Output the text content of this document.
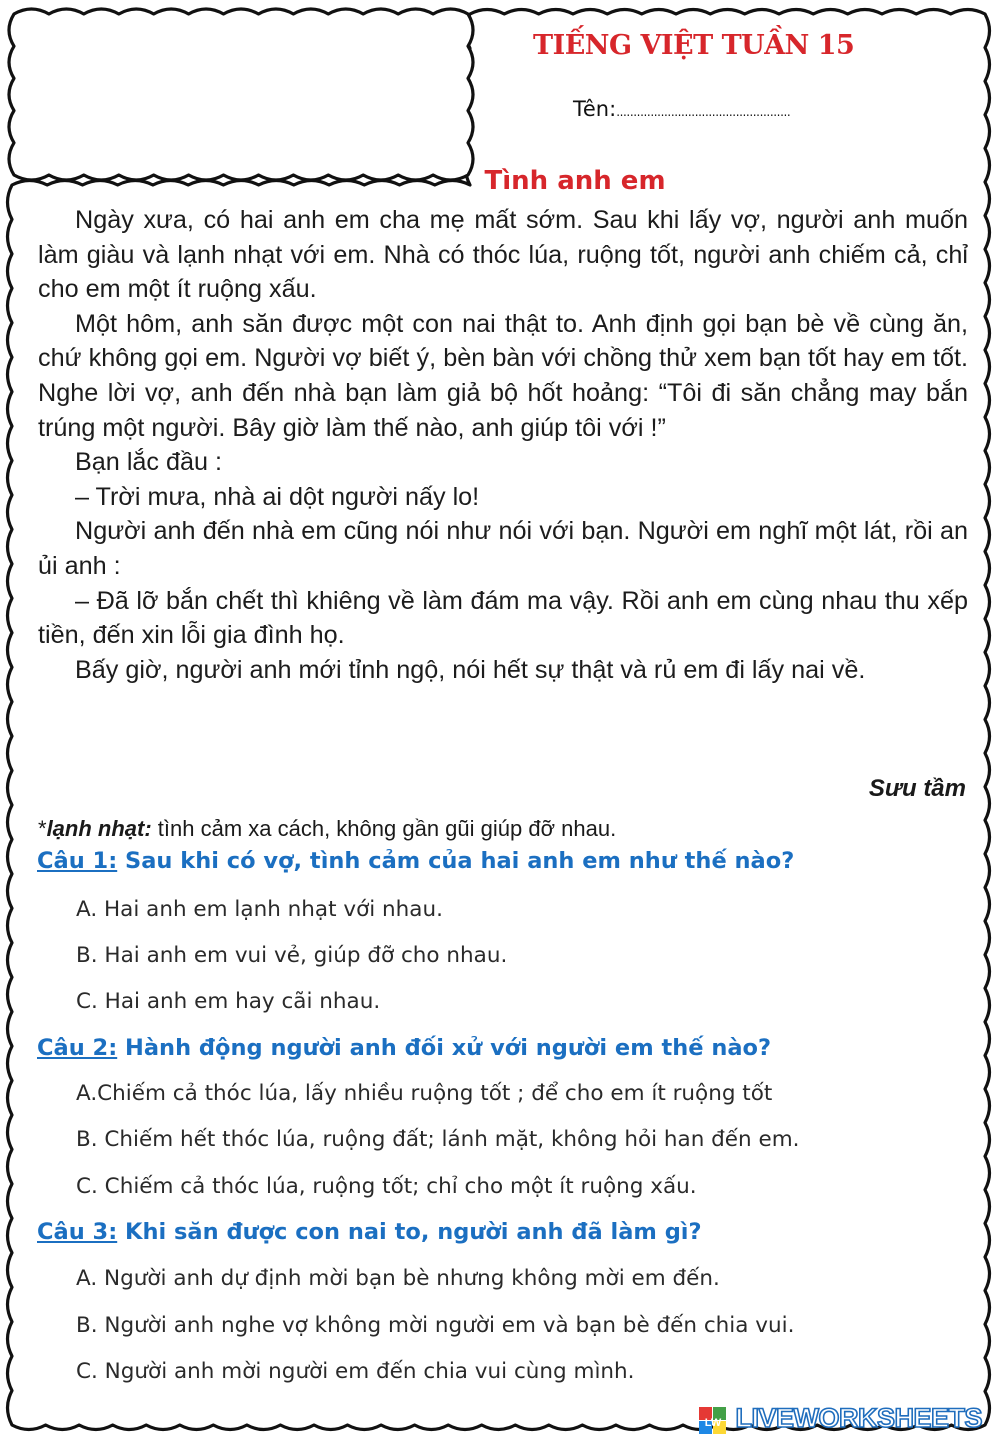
TIẾNG VIỆT TUẦN 15
Tên:...................................................
Tình anh em

Ngày xưa, có hai anh em cha mẹ mất sớm. Sau khi lấy vợ, người anh muốn làm giàu và lạnh nhạt với em. Nhà có thóc lúa, ruộng tốt, người anh chiếm cả, chỉ cho em một ít ruộng xấu.

Một hôm, anh săn được một con nai thật to. Anh định gọi bạn bè về cùng ăn, chứ không gọi em. Người vợ biết ý, bèn bàn với chồng thử xem bạn tốt hay em tốt. Nghe lời vợ, anh đến nhà bạn làm giả bộ hốt hoảng: “Tôi đi săn chẳng may bắn trúng một người. Bây giờ làm thế nào, anh giúp tôi với !”

Bạn lắc đầu :

– Trời mưa, nhà ai dột người nấy lo!

Người anh đến nhà em cũng nói như nói với bạn. Người em nghĩ một lát, rồi an ủi anh :

– Đã lỡ bắn chết thì khiêng về làm đám ma vậy. Rồi anh em cùng nhau thu xếp tiền, đến xin lỗi gia đình họ.

Bấy giờ, người anh mới tỉnh ngộ, nói hết sự thật và rủ em đi lấy nai về.

Sưu tầm
*lạnh nhạt: tình cảm xa cách, không gần gũi giúp đỡ nhau.
Câu 1: Sau khi có vợ, tình cảm của hai anh em như thế nào?
A. Hai anh em lạnh nhạt với nhau.
B. Hai anh em vui vẻ, giúp đỡ cho nhau.
C. Hai anh em hay cãi nhau.
Câu 2: Hành động người anh đối xử với người em thế nào?
A.Chiếm cả thóc lúa, lấy nhiều ruộng tốt ; để cho em ít ruộng tốt
B. Chiếm hết thóc lúa, ruộng đất; lánh mặt, không hỏi han đến em.
C. Chiếm cả thóc lúa, ruộng tốt; chỉ cho một ít ruộng xấu.
Câu 3: Khi săn được con nai to, người anh đã làm gì?
A. Người anh dự định mời bạn bè nhưng không mời em đến.
B. Người anh nghe vợ không mời người em và bạn bè đến chia vui.
C. Người anh mời người em đến chia vui cùng mình.
LW LIVEWORKSHEETS
